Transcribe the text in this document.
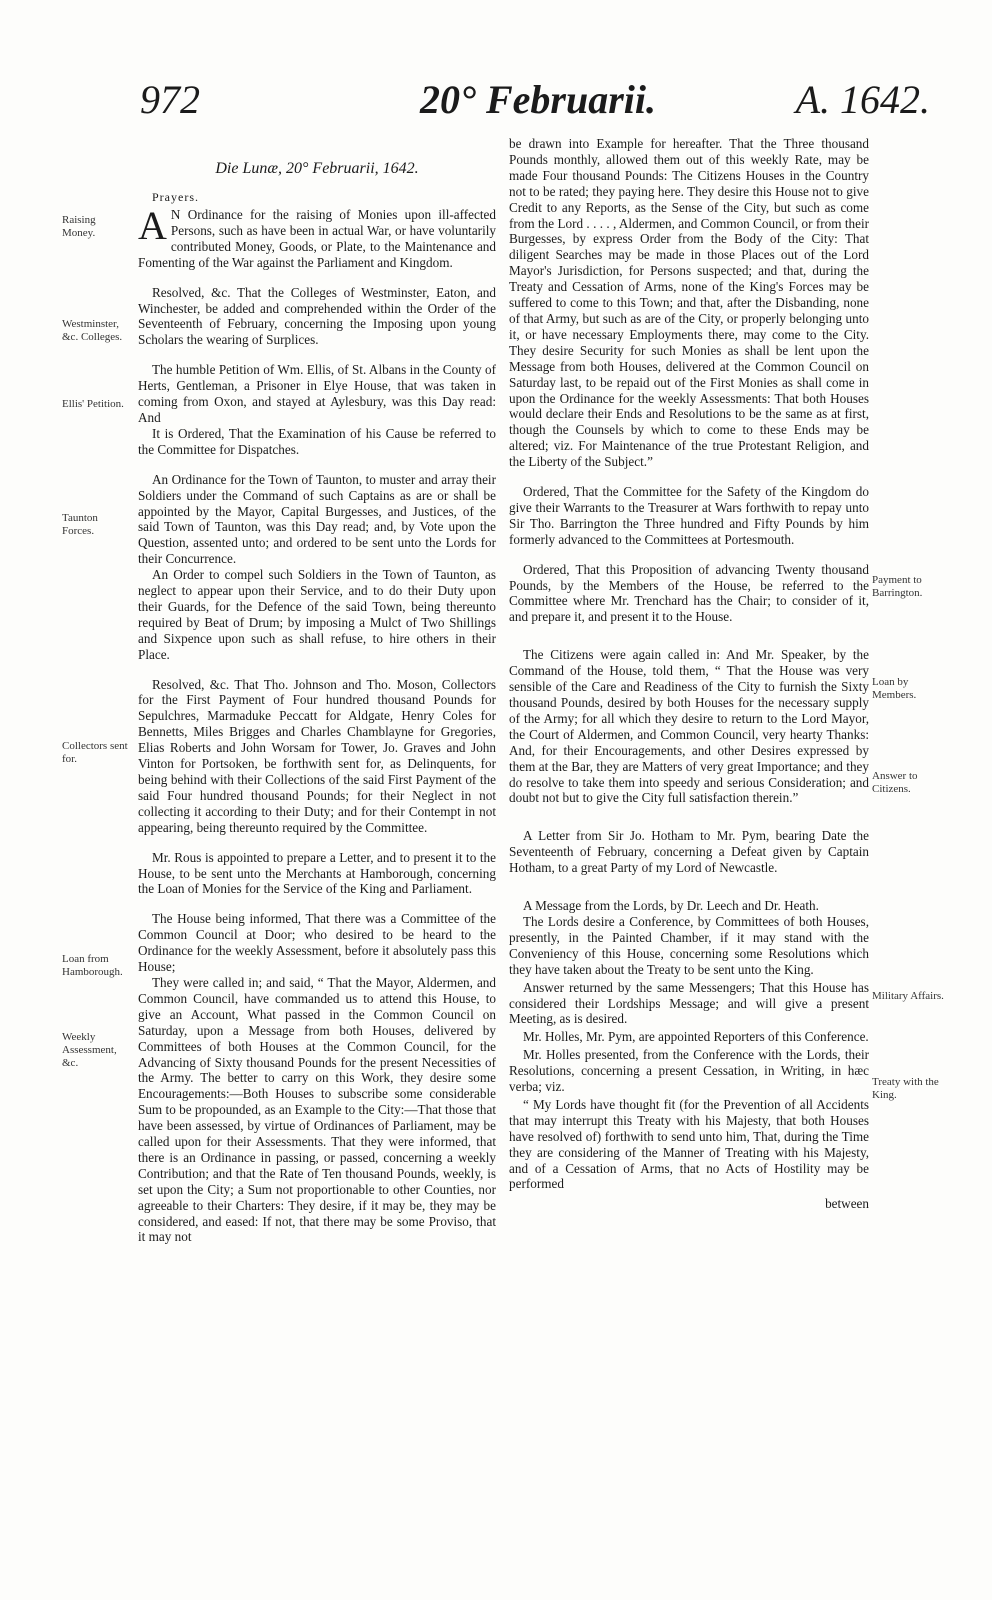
972	20° Februarii.	A. 1642.
Raising Money.
Westminster, &c. Colleges.
Ellis' Petition.
Taunton Forces.
Collectors sent for.
Loan from Hamborough.
Weekly Assessment, &c.
Payment to Barrington.
Loan by Members.
Answer to Citizens.
Military Affairs.
Treaty with the King.
Die Lunæ, 20° Februarii, 1642.
Prayers.

A N Ordinance for the raising of Monies upon ill-affected Persons, such as have been in actual War, or have voluntarily contributed Money, Goods, or Plate, to the Maintenance and Fomenting of the War against the Parliament and Kingdom.

Resolved, &c. That the Colleges of Westminster, Eaton, and Winchester, be added and comprehended within the Order of the Seventeenth of February, concerning the Imposing upon young Scholars the wearing of Surplices.

The humble Petition of Wm. Ellis, of St. Albans in the County of Herts, Gentleman, a Prisoner in Elye House, that was taken in coming from Oxon, and stayed at Aylesbury, was this Day read: And

It is Ordered, That the Examination of his Cause be referred to the Committee for Dispatches.

An Ordinance for the Town of Taunton, to muster and array their Soldiers under the Command of such Captains as are or shall be appointed by the Mayor, Capital Burgesses, and Justices, of the said Town of Taunton, was this Day read; and, by Vote upon the Question, assented unto; and ordered to be sent unto the Lords for their Concurrence.

An Order to compel such Soldiers in the Town of Taunton, as neglect to appear upon their Service, and to do their Duty upon their Guards, for the Defence of the said Town, being thereunto required by Beat of Drum; by imposing a Mulct of Two Shillings and Sixpence upon such as shall refuse, to hire others in their Place.

Resolved, &c. That Tho. Johnson and Tho. Moson, Collectors for the First Payment of Four hundred thousand Pounds for Sepulchres, Marmaduke Peccatt for Aldgate, Henry Coles for Bennetts, Miles Brigges and Charles Chamblayne for Gregories, Elias Roberts and John Worsam for Tower, Jo. Graves and John Vinton for Portsoken, be forthwith sent for, as Delinquents, for being behind with their Collections of the said First Payment of the said Four hundred thousand Pounds; for their Neglect in not collecting it according to their Duty; and for their Contempt in not appearing, being thereunto required by the Committee.

Mr. Rous is appointed to prepare a Letter, and to present it to the House, to be sent unto the Merchants at Hamborough, concerning the Loan of Monies for the Service of the King and Parliament.

The House being informed, That there was a Committee of the Common Council at Door; who desired to be heard to the Ordinance for the weekly Assessment, before it absolutely pass this House;

They were called in; and said, “ That the Mayor, Aldermen, and Common Council, have commanded us to attend this House, to give an Account, What passed in the Common Council on Saturday, upon a Message from both Houses, delivered by Committees of both Houses at the Common Council, for the Advancing of Sixty thousand Pounds for the present Necessities of the Army. The better to carry on this Work, they desire some Encouragements:—Both Houses to subscribe some considerable Sum to be propounded, as an Example to the City:—That those that have been assessed, by virtue of Ordinances of Parliament, may be called upon for their Assessments. That they were informed, that there is an Ordinance in passing, or passed, concerning a weekly Contribution; and that the Rate of Ten thousand Pounds, weekly, is set upon the City; a Sum not proportionable to other Counties, nor agreeable to their Charters: They desire, if it may be, they may be considered, and eased: If not, that there may be some Proviso, that it may not

be drawn into Example for hereafter. That the Three thousand Pounds monthly, allowed them out of this weekly Rate, may be made Four thousand Pounds: The Citizens Houses in the Country not to be rated; they paying here. They desire this House not to give Credit to any Reports, as the Sense of the City, but such as come from the Lord . . . . , Aldermen, and Common Council, or from their Burgesses, by express Order from the Body of the City: That diligent Searches may be made in those Places out of the Lord Mayor's Jurisdiction, for Persons suspected; and that, during the Treaty and Cessation of Arms, none of the King's Forces may be suffered to come to this Town; and that, after the Disbanding, none of that Army, but such as are of the City, or properly belonging unto it, or have necessary Employments there, may come to the City. They desire Security for such Monies as shall be lent upon the Message from both Houses, delivered at the Common Council on Saturday last, to be repaid out of the First Monies as shall come in upon the Ordinance for the weekly Assessments: That both Houses would declare their Ends and Resolutions to be the same as at first, though the Counsels by which to come to these Ends may be altered; viz. For Maintenance of the true Protestant Religion, and the Liberty of the Subject.”

Ordered, That the Committee for the Safety of the Kingdom do give their Warrants to the Treasurer at Wars forthwith to repay unto Sir Tho. Barrington the Three hundred and Fifty Pounds by him formerly advanced to the Committees at Portesmouth.

Ordered, That this Proposition of advancing Twenty thousand Pounds, by the Members of the House, be referred to the Committee where Mr. Trenchard has the Chair; to consider of it, and prepare it, and present it to the House.

The Citizens were again called in: And Mr. Speaker, by the Command of the House, told them, “ That the House was very sensible of the Care and Readiness of the City to furnish the Sixty thousand Pounds, desired by both Houses for the necessary supply of the Army; for all which they desire to return to the Lord Mayor, the Court of Aldermen, and Common Council, very hearty Thanks: And, for their Encouragements, and other Desires expressed by them at the Bar, they are Matters of very great Importance; and they do resolve to take them into speedy and serious Consideration; and doubt not but to give the City full satisfaction therein.”

A Letter from Sir Jo. Hotham to Mr. Pym, bearing Date the Seventeenth of February, concerning a Defeat given by Captain Hotham, to a great Party of my Lord of Newcastle.

A Message from the Lords, by Dr. Leech and Dr. Heath.

The Lords desire a Conference, by Committees of both Houses, presently, in the Painted Chamber, if it may stand with the Conveniency of this House, concerning some Resolutions which they have taken about the Treaty to be sent unto the King.

Answer returned by the same Messengers; That this House has considered their Lordships Message; and will give a present Meeting, as is desired.

Mr. Holles, Mr. Pym, are appointed Reporters of this Conference.

Mr. Holles presented, from the Conference with the Lords, their Resolutions, concerning a present Cessation, in Writing, in hæc verba; viz.

“ My Lords have thought fit (for the Prevention of all Accidents that may interrupt this Treaty with his Majesty, that both Houses have resolved of) forthwith to send unto him, That, during the Time they are considering of the Manner of Treating with his Majesty, and of a Cessation of Arms, that no Acts of Hostility may be performed

between
